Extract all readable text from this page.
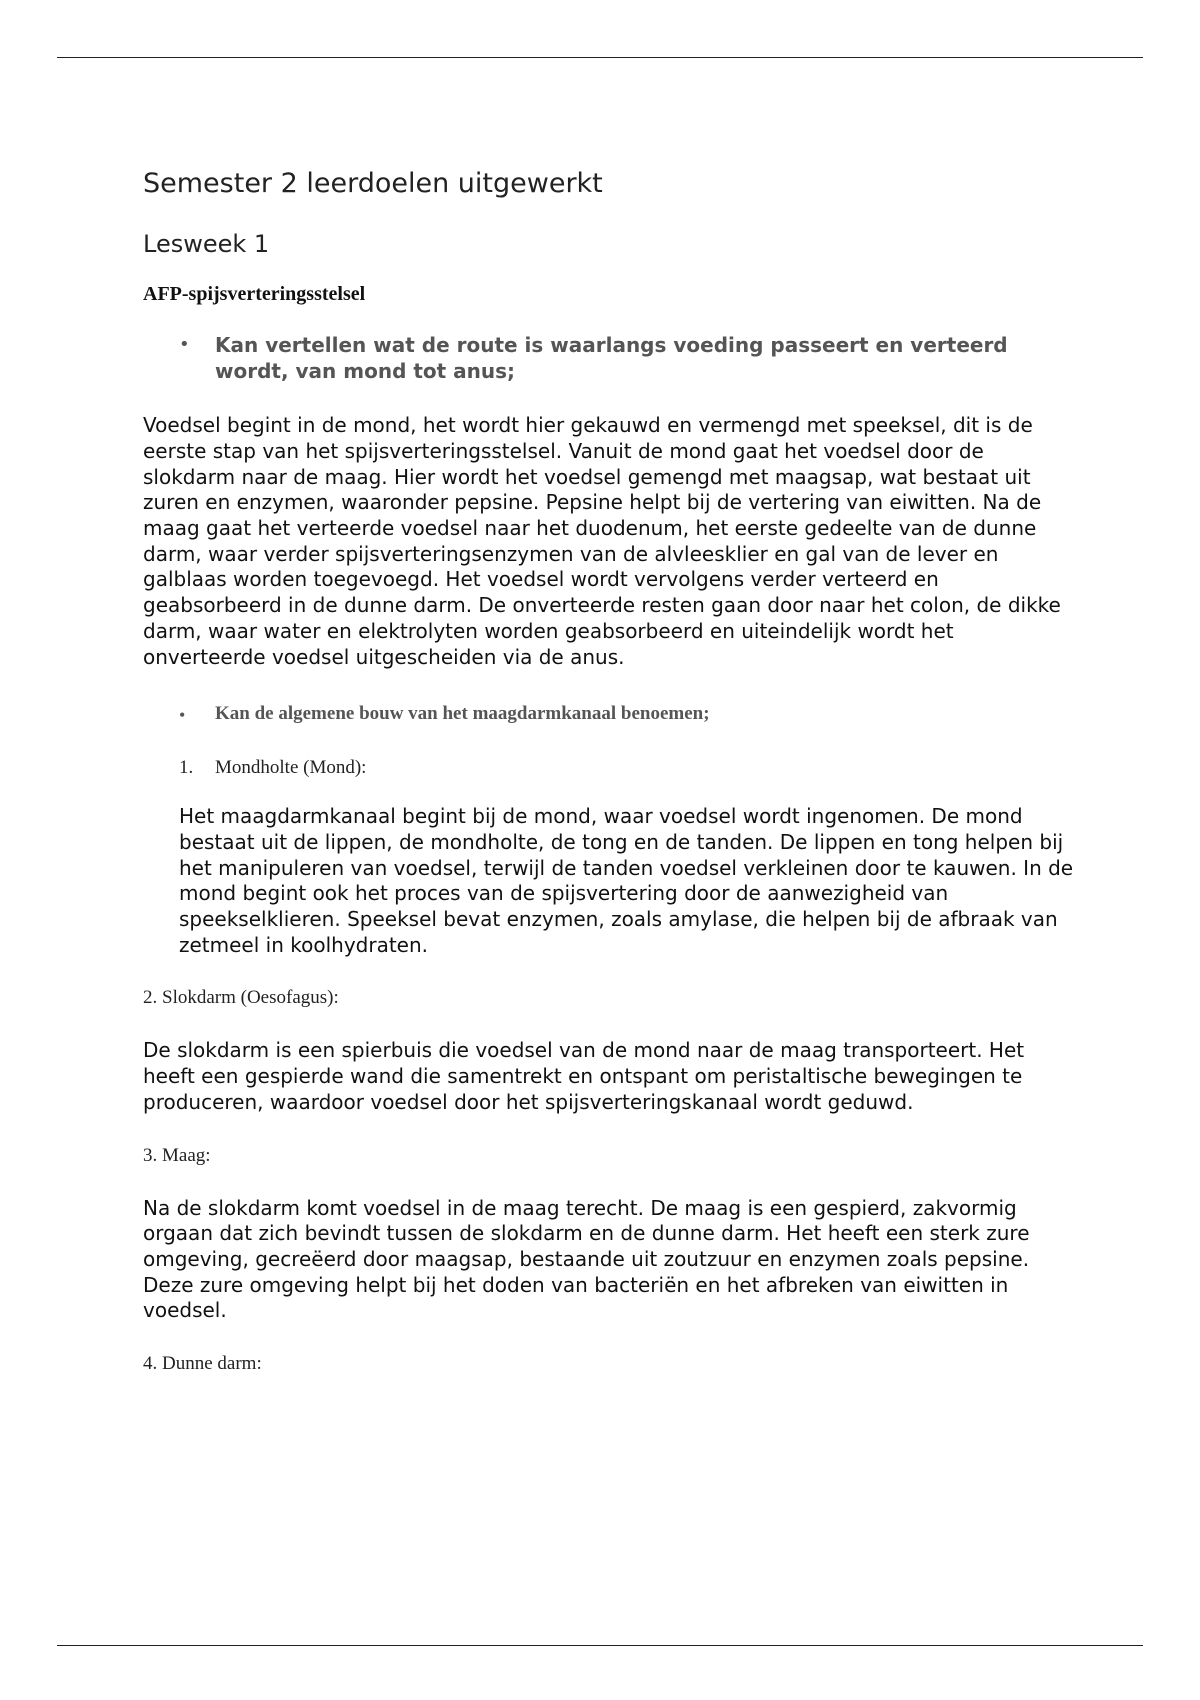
Semester 2 leerdoelen uitgewerkt
Lesweek 1
AFP-spijsverteringsstelsel
•	Kan vertellen wat de route is waarlangs voeding passeert en verteerd wordt, van mond tot anus;

Voedsel begint in de mond, het wordt hier gekauwd en vermengd met speeksel, dit is de eerste stap van het spijsverteringsstelsel. Vanuit de mond gaat het voedsel door de slokdarm naar de maag. Hier wordt het voedsel gemengd met maagsap, wat bestaat uit zuren en enzymen, waaronder pepsine. Pepsine helpt bij de vertering van eiwitten. Na de maag gaat het verteerde voedsel naar het duodenum, het eerste gedeelte van de dunne darm, waar verder spijsverteringsenzymen van de alvleesklier en gal van de lever en galblaas worden toegevoegd. Het voedsel wordt vervolgens verder verteerd en geabsorbeerd in de dunne darm. De onverteerde resten gaan door naar het colon, de dikke darm, waar water en elektrolyten worden geabsorbeerd en uiteindelijk wordt het onverteerde voedsel uitgescheiden via de anus.

•	Kan de algemene bouw van het maagdarmkanaal benoemen;
1.	Mondholte (Mond):

Het maagdarmkanaal begint bij de mond, waar voedsel wordt ingenomen. De mond bestaat uit de lippen, de mondholte, de tong en de tanden. De lippen en tong helpen bij het manipuleren van voedsel, terwijl de tanden voedsel verkleinen door te kauwen. In de mond begint ook het proces van de spijsvertering door de aanwezigheid van speekselklieren. Speeksel bevat enzymen, zoals amylase, die helpen bij de afbraak van zetmeel in koolhydraten.

2. Slokdarm (Oesofagus):

De slokdarm is een spierbuis die voedsel van de mond naar de maag transporteert. Het heeft een gespierde wand die samentrekt en ontspant om peristaltische bewegingen te produceren, waardoor voedsel door het spijsverteringskanaal wordt geduwd.

3. Maag:

Na de slokdarm komt voedsel in de maag terecht. De maag is een gespierd, zakvormig orgaan dat zich bevindt tussen de slokdarm en de dunne darm. Het heeft een sterk zure omgeving, gecreëerd door maagsap, bestaande uit zoutzuur en enzymen zoals pepsine. Deze zure omgeving helpt bij het doden van bacteriën en het afbreken van eiwitten in voedsel.

4. Dunne darm:
